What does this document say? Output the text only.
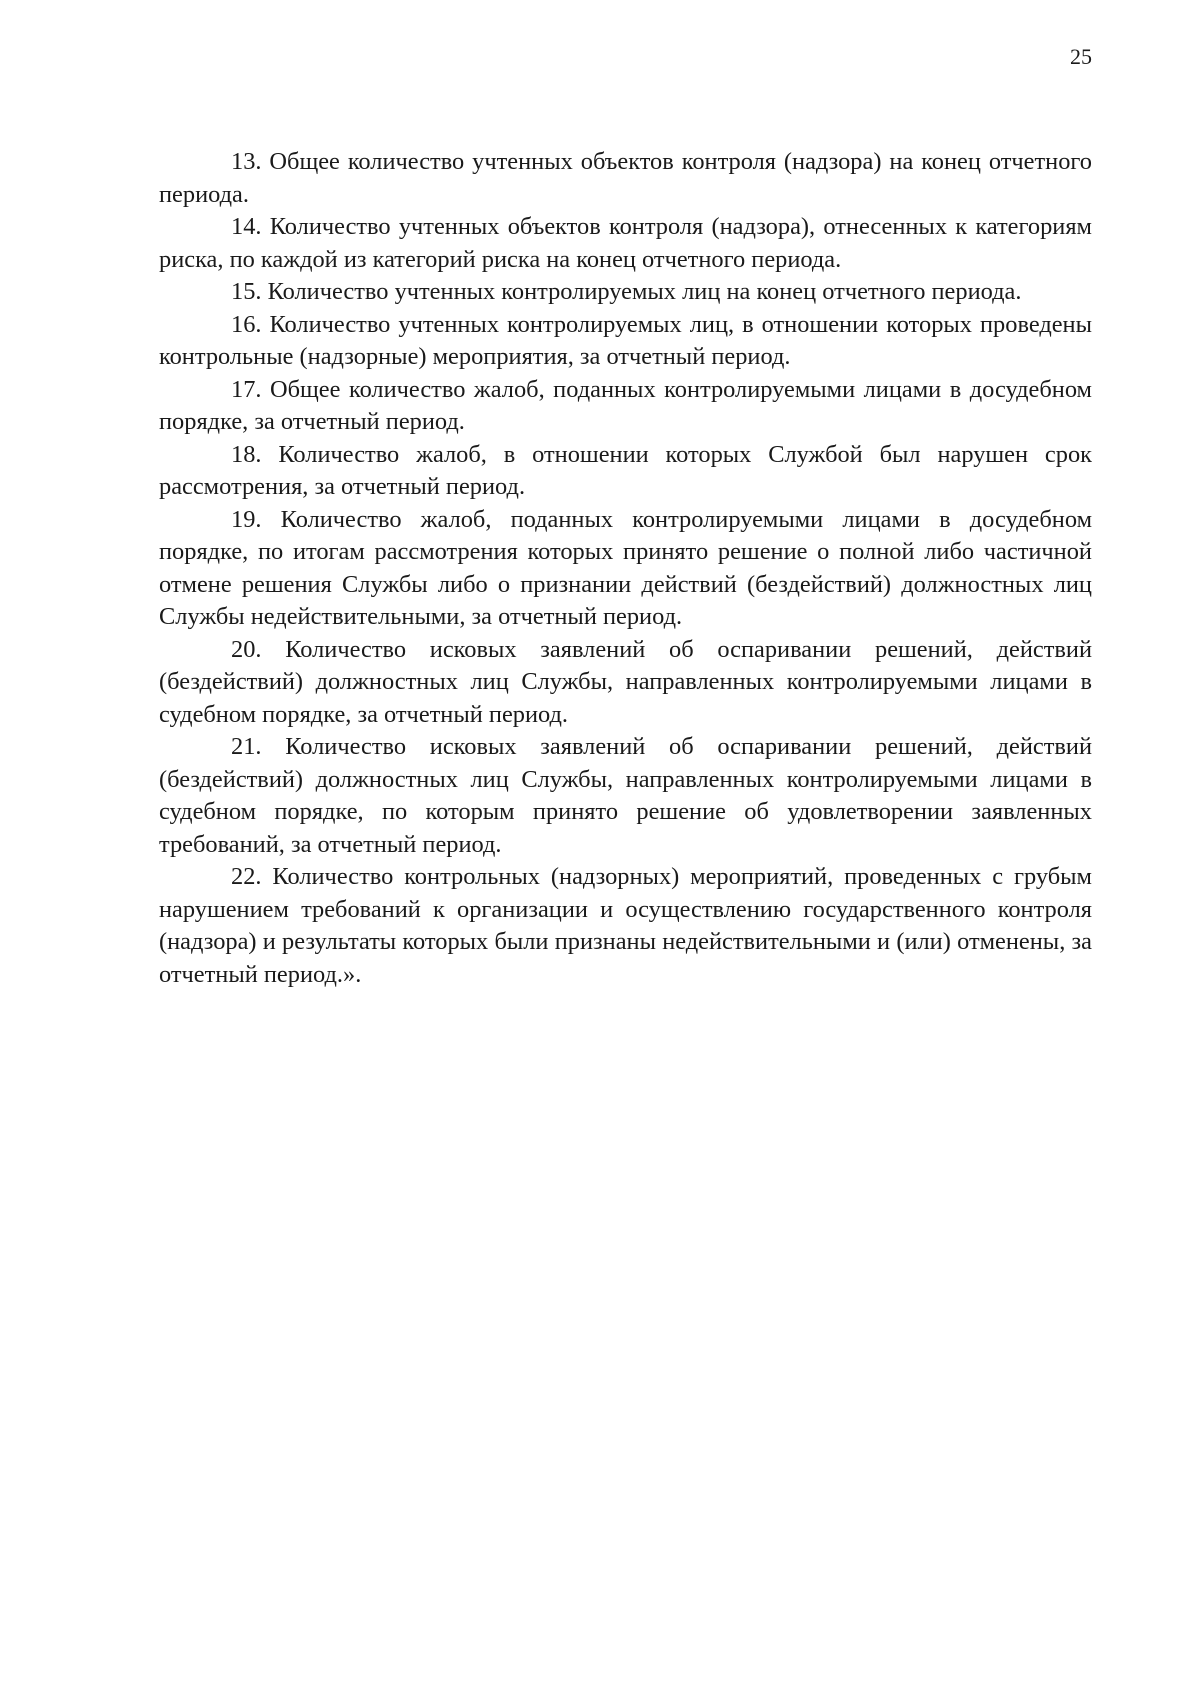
25

13. Общее количество учтенных объектов контроля (надзора) на конец отчетного периода.

14. Количество учтенных объектов контроля (надзора), отнесенных к категориям риска, по каждой из категорий риска на конец отчетного периода.

15. Количество учтенных контролируемых лиц на конец отчетного периода.

16. Количество учтенных контролируемых лиц, в отношении которых проведены контрольные (надзорные) мероприятия, за отчетный период.

17. Общее количество жалоб, поданных контролируемыми лицами в досудебном порядке, за отчетный период.

18. Количество жалоб, в отношении которых Службой был нарушен срок рассмотрения, за отчетный период.

19. Количество жалоб, поданных контролируемыми лицами в досудебном порядке, по итогам рассмотрения которых принято решение о полной либо частичной отмене решения Службы либо о признании действий (бездействий) должностных лиц Службы недействительными, за отчетный период.

20. Количество исковых заявлений об оспаривании решений, действий (бездействий) должностных лиц Службы, направленных контролируемыми лицами в судебном порядке, за отчетный период.

21. Количество исковых заявлений об оспаривании решений, действий (бездействий) должностных лиц Службы, направленных контролируемыми лицами в судебном порядке, по которым принято решение об удовлетворении заявленных требований, за отчетный период.

22. Количество контрольных (надзорных) мероприятий, проведенных с грубым нарушением требований к организации и осуществлению государственного контроля (надзора) и результаты которых были признаны недействительными и (или) отменены, за отчетный период.».
